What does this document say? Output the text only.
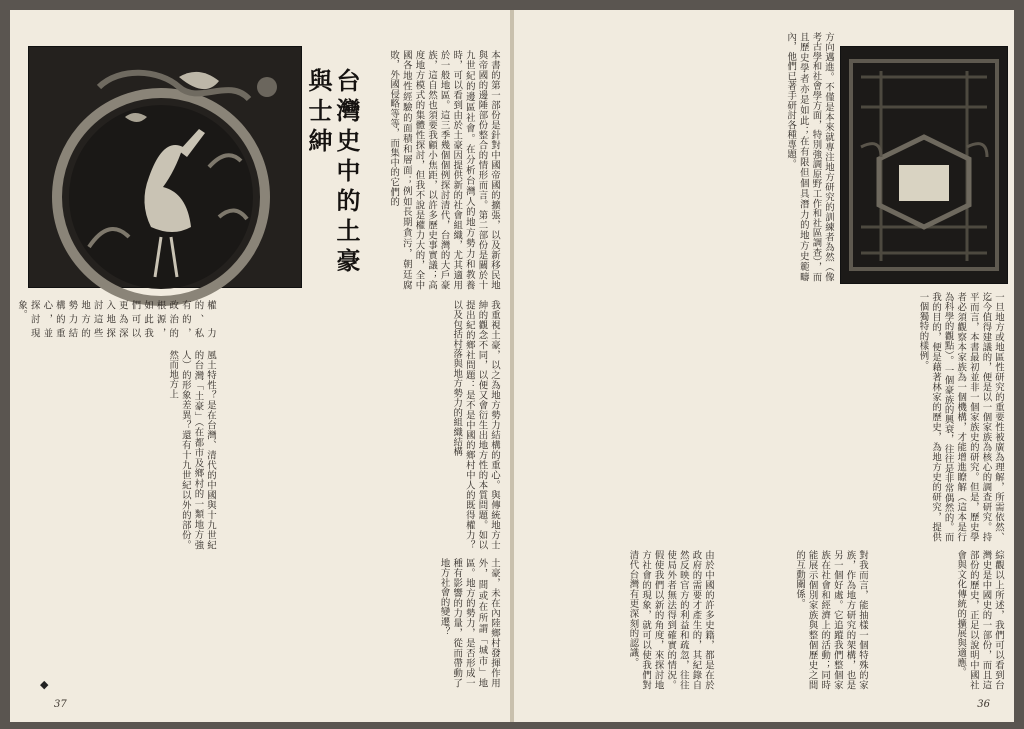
台灣史中的土豪與士紳	本書的第一部份是針對中國帝國的擴張，以及新移民地與帝國的邊陲部份整合的情形而言。第二部份是關於十九世紀的邊區社會。在分析台灣人的地方勢力和教養時，可以看到由於土豪因提供新的社會組織，尤其適用於一般地區。這三季幾個個例探討清代，台灣的大戶豪族，這自然也須要我顧小焦距，以許多歷史事實議；高度地方模式的集體性探討，但我不說是權力大的，全中國各地性經驗的面積和層面；例如長期貪污，朝廷腐敗，外國侵略等等，而集中的它們的
權力的、私有的，政治的根源，如此我們可以更為深入地探討這些地方的勢力結構的重心，並探討現象。	我重視土豪，以之為地方勢力結構的重心。與傳統地方士紳的觀念不同，以便又會衍生出地方性的本質問題。如以提出紀的鄉社問題：是不是中國的鄉村中人的既得權力？以及包括村落與地方勢力的組織結構
風土特性？是在台灣、清代的中國與十九世紀的台灣「土豪」（在都市及鄉村的一類地方強人）的形象差異？還有十九世紀以外的部份。然而地方上
土豪，未在內陸鄉村發揮作用外，間或在所謂「城市」地區。地方的勢力，是否形成一種有影響的力量，從而帶動了地方社會的變遷？
◆
37
方向邁進。不僅是本來就專注地方研究的訓練者為然（像考古學和社會學方面，特別強調原野工作和社區調查），而且歷史學者亦是如此；在有限但個具潛力的地方史範疇內，他們已著手研討各種專題。
一旦地方或地區性研究的重要性被廣為理解，所需依然、迄今值得建議的，便是以一個家族為核心的調查研究。持平而言，本書最初並非一個家族史的研究。但是，歷史學者必須觀察本家族為一個機構，才能增進瞭解（這本是行為科學的觀點）。一個豪族的興衰，往往是非常偶然的。而我的目的，便是藉著林家的歷史，為地方史的研究，提供一個獨特的樣例。
由於中國的許多史籍，都是在於政府的需要才產生的，其紀錄自然反映官方的利益和疏忽，往往使局外者無法得到確實的情況。假使我們以新的角度，來探討地方社會的現象，就可以使我們對清代台灣有更深刻的認識。	對我而言，能抽樣一個特殊的家族，作為地方研究的架構，也是另一個好處。它追蹤我們整個家族在社會和經濟上的活動；同時能展示個別家族與整個歷史之間的互動關係。	綜觀以上所述，我們可以看到台灣史是中國史的一部份，而且這部份的歷史，正足以說明中國社會與文化傳統的擴展與適應。
36
